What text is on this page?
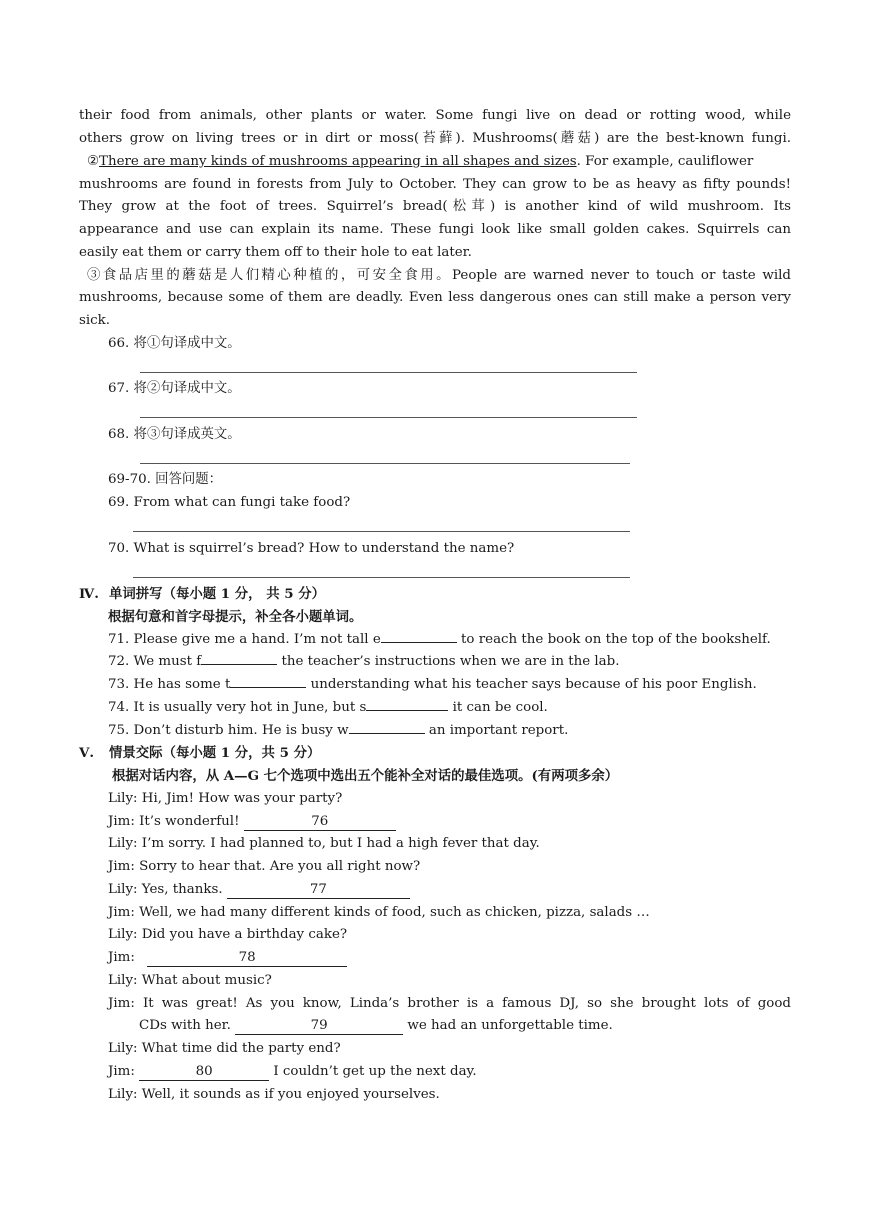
their food from animals, other plants or water. Some fungi live on dead or rotting wood, while
others grow on living trees or in dirt or moss(苔藓). Mushrooms(蘑菇) are the best-known fungi.
②There are many kinds of mushrooms appearing in all shapes and sizes. For example, cauliflower
mushrooms are found in forests from July to October. They can grow to be as heavy as fifty pounds!
They grow at the foot of trees. Squirrel’s bread(松茸) is another kind of wild mushroom. Its
appearance and use can explain its name. These fungi look like small golden cakes. Squirrels can
easily eat them or carry them off to their hole to eat later.
③食品店里的蘑菇是人们精心种植的，可安全食用。People are warned never to touch or taste wild
mushrooms, because some of them are deadly. Even less dangerous ones can still make a person very
sick.
66. 将①句译成中文。
67. 将②句译成中文。
68. 将③句译成英文。
69-70. 回答问题：
69. From what can fungi take food?
70. What is squirrel’s bread? How to understand the name?
Ⅳ. 单词拼写（每小题 1 分， 共 5 分）
根据句意和首字母提示，补全各小题单词。
71. Please give me a hand. I’m not tall e	to reach the book on the top of the bookshelf.
72. We must f	the teacher’s instructions when we are in the lab.
73. He has some t	understanding what his teacher says because of his poor English.
74. It is usually very hot in June, but s	it can be cool.
75. Don’t disturb him. He is busy w	an important report.
Ⅴ. 情景交际（每小题 1 分，共 5 分）
根据对话内容，从 A—G 七个选项中选出五个能补全对话的最佳选项。(有两项多余）
Lily: Hi, Jim! How was your party?
Jim: It’s wonderful!	76
Lily: I’m sorry. I had planned to, but I had a high fever that day.
Jim: Sorry to hear that. Are you all right now?
Lily: Yes, thanks.	77
Jim: Well, we had many different kinds of food, such as chicken, pizza, salads …
Lily: Did you have a birthday cake?
Jim:	78
Lily: What about music?
Jim: It was great! As you know, Linda’s brother is a famous DJ, so she brought lots of good
CDs with her.	79	we had an unforgettable time.
Lily: What time did the party end?
Jim:	80	I couldn’t get up the next day.
Lily: Well, it sounds as if you enjoyed yourselves.
